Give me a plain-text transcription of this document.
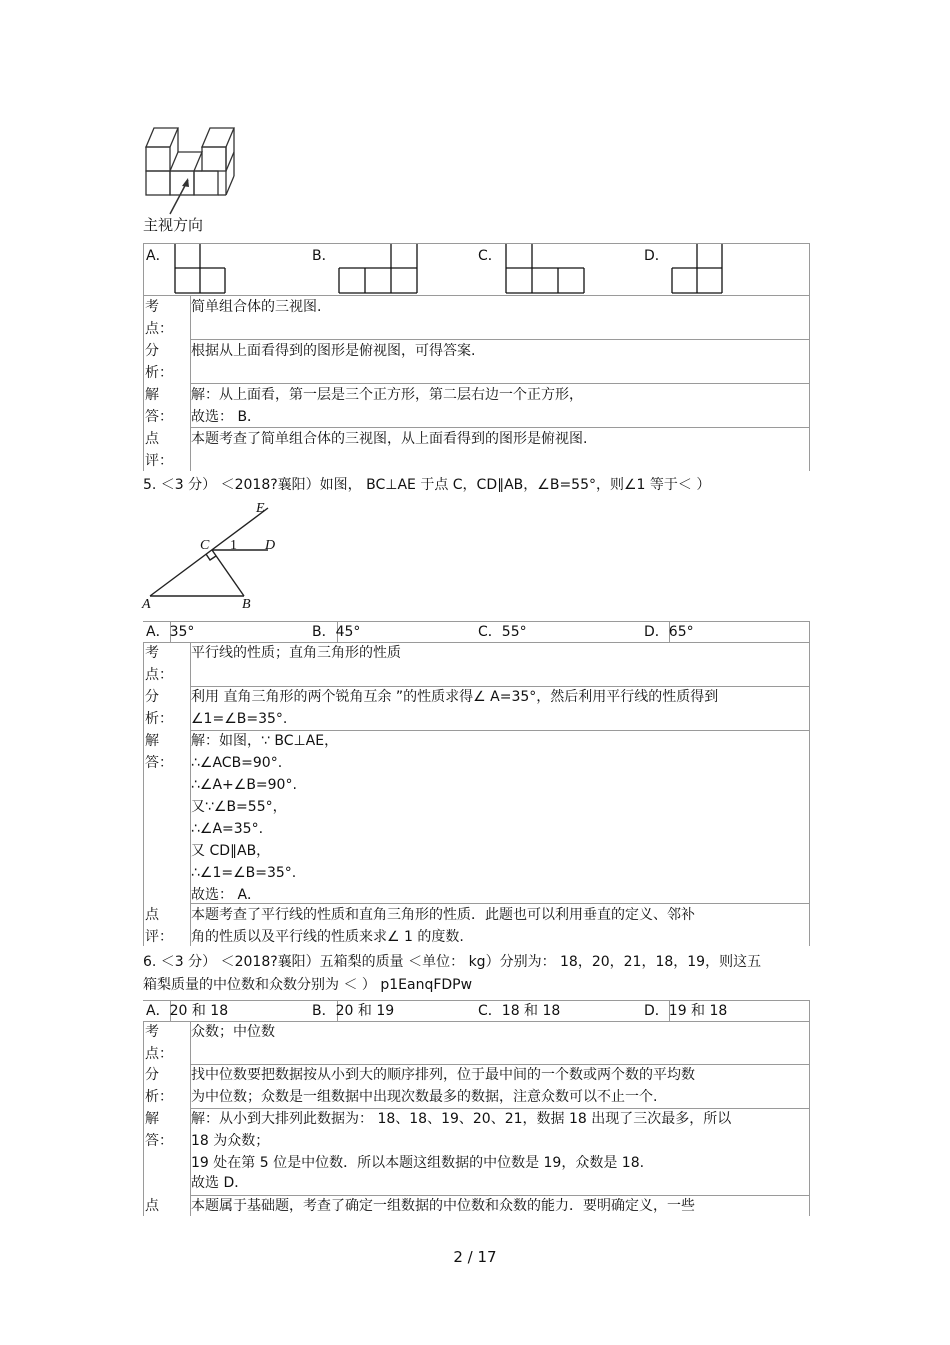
主视方向
A．	B．	C．	D．
考点：
简单组合体的三视图.
分析：
根据从上面看得到的图形是俯视图，可得答案.
解答：
解：从上面看，第一层是三个正方形，第二层右边一个正方形，
故选： B．
点评：
本题考查了简单组合体的三视图，从上面看得到的图形是俯视图.
5. ＜3 分） ＜2018?襄阳）如图， BC⊥AE 于点 C，CD∥AB，∠B=55°，则∠1 等于＜ ）
E
C 1 D
A	B
A．35°	B．45°	C．55°	D．65°
考点：
平行线的性质；直角三角形的性质
分析：
利用 直角三角形的两个锐角互余 ”的性质求得∠ A=35°，然后利用平行线的性质得到
∠1=∠B=35°.
解答：
解：如图，∵ BC⊥AE，
∴∠ACB=90°.
∴∠A+∠B=90°.
又∵∠B=55°，
∴∠A=35°.
又 CD∥AB，
∴∠1=∠B=35°.
故选： A．
点评：
本题考查了平行线的性质和直角三角形的性质．此题也可以利用垂直的定义、邻补
角的性质以及平行线的性质来求∠ 1 的度数.
6. ＜3 分） ＜2018?襄阳）五箱梨的质量 ＜单位： kg）分别为： 18，20，21，18，19，则这五
箱梨质量的中位数和众数分别为 ＜ ） p1EanqFDPw
A．20 和 18	B．20 和 19	C．18 和 18	D．19 和 18
考点：
众数；中位数
分析：
找中位数要把数据按从小到大的顺序排列，位于最中间的一个数或两个数的平均数
为中位数；众数是一组数据中出现次数最多的数据，注意众数可以不止一个.
解答：
解：从小到大排列此数据为： 18、18、19、20、21，数据 18 出现了三次最多，所以
18 为众数；
19 处在第 5 位是中位数．所以本题这组数据的中位数是 19，众数是 18.
故选 D．
点	本题属于基础题，考查了确定一组数据的中位数和众数的能力．要明确定义，一些
2 / 17
